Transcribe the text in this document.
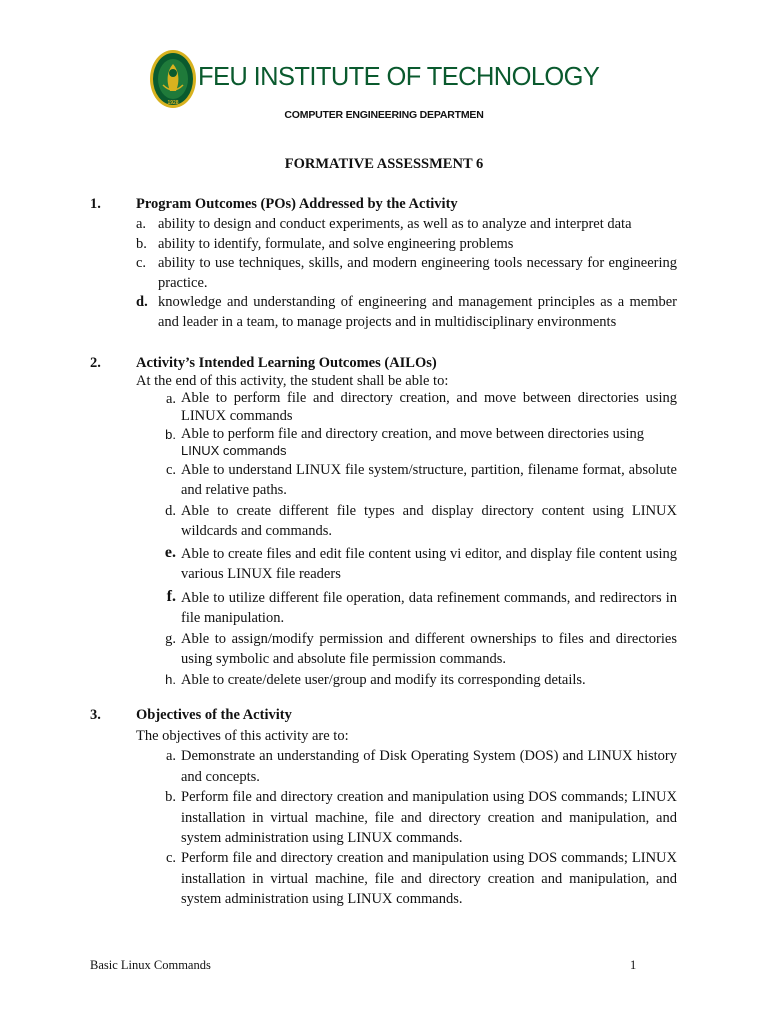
1928
FEU INSTITUTE OF TECHNOLOGY
COMPUTER ENGINEERING DEPARTMEN
FORMATIVE ASSESSMENT 6
1. Program Outcomes (POs) Addressed by the Activity
a. ability to design and conduct experiments, as well as to analyze and interpret data
b. ability to identify, formulate, and solve engineering problems
c. ability to use techniques, skills, and modern engineering tools necessary for engineering practice.
d. knowledge and understanding of engineering and management principles as a member and leader in a team, to manage projects and in multidisciplinary environments
2. Activity’s Intended Learning Outcomes (AILOs)
At the end of this activity, the student shall be able to:
a. Able to perform file and directory creation, and move between directories using LINUX commands
b. Able to perform file and directory creation, and move between directories using
LINUX commands
c. Able to understand LINUX file system/structure, partition, filename format, absolute and relative paths.
d. Able to create different file types and display directory content using LINUX wildcards and commands.
e. Able to create files and edit file content using vi editor, and display file content using various LINUX file readers
f. Able to utilize different file operation, data refinement commands, and redirectors in file manipulation.
g. Able to assign/modify permission and different ownerships to files and directories using symbolic and absolute file permission commands.
h. Able to create/delete user/group and modify its corresponding details.
3. Objectives of the Activity
The objectives of this activity are to:
a. Demonstrate an understanding of Disk Operating System (DOS) and LINUX history and concepts.
b. Perform file and directory creation and manipulation using DOS commands; LINUX installation in virtual machine, file and directory creation and manipulation, and system administration using LINUX commands.
c. Perform file and directory creation and manipulation using DOS commands; LINUX installation in virtual machine, file and directory creation and manipulation, and system administration using LINUX commands.
Basic Linux Commands	1
